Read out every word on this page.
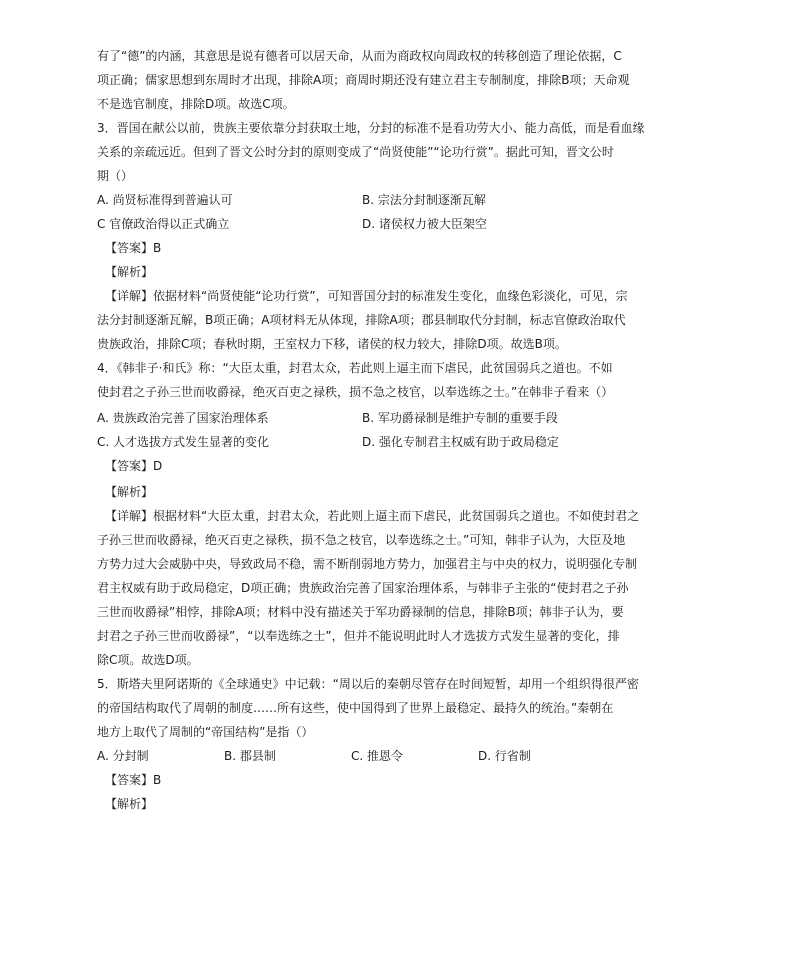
有了“德”的内涵，其意思是说有德者可以居天命，从而为商政权向周政权的转移创造了理论依据，C
项正确；儒家思想到东周时才出现，排除A项；商周时期还没有建立君主专制制度，排除B项；天命观
不是选官制度，排除D项。故选C项。
3．晋国在献公以前，贵族主要依靠分封获取土地，分封的标准不是看功劳大小、能力高低，而是看血缘
关系的亲疏远近。但到了晋文公时分封的原则变成了“尚贤使能”“论功行赏”。据此可知，晋文公时
期（）
A. 尚贤标准得到普遍认可	B. 宗法分封制逐渐瓦解
C 官僚政治得以正式确立	D. 诸侯权力被大臣架空
【答案】B
【解析】
【详解】依据材料“尚贤使能“论功行赏”，可知晋国分封的标准发生变化，血缘色彩淡化，可见，宗
法分封制逐渐瓦解，B项正确；A项材料无从体现，排除A项；郡县制取代分封制，标志官僚政治取代
贵族政治，排除C项；春秋时期，王室权力下移，诸侯的权力较大，排除D项。故选B项。
4．《韩非子·和氏》称：“大臣太重，封君太众，若此则上逼主而下虐民，此贫国弱兵之道也。不如
使封君之子孙三世而收爵禄，绝灭百吏之禄秩，损不急之枝官，以奉选练之士。”在韩非子看来（）
A. 贵族政治完善了国家治理体系	B. 军功爵禄制是维护专制的重要手段
C. 人才选拔方式发生显著的变化	D. 强化专制君主权威有助于政局稳定
【答案】D
【解析】
【详解】根据材料“大臣太重，封君太众，若此则上逼主而下虐民，此贫国弱兵之道也。不如使封君之
子孙三世而收爵禄，绝灭百吏之禄秩，损不急之枝官，以奉选练之士。”可知，韩非子认为，大臣及地
方势力过大会威胁中央，导致政局不稳，需不断削弱地方势力，加强君主与中央的权力，说明强化专制
君主权威有助于政局稳定，D项正确；贵族政治完善了国家治理体系，与韩非子主张的“使封君之子孙
三世而收爵禄”相悖，排除A项；材料中没有描述关于军功爵禄制的信息，排除B项；韩非子认为，要
封君之子孙三世而收爵禄”，“以奉选练之士”，但并不能说明此时人才选拔方式发生显著的变化，排
除C项。故选D项。
5．斯塔夫里阿诺斯的《全球通史》中记载：“周以后的秦朝尽管存在时间短暂，却用一个组织得很严密
的帝国结构取代了周朝的制度……所有这些，使中国得到了世界上最稳定、最持久的统治。”秦朝在
地方上取代了周制的“帝国结构”是指（）
A. 分封制	B. 郡县制	C. 推恩令	D. 行省制
【答案】B
【解析】
